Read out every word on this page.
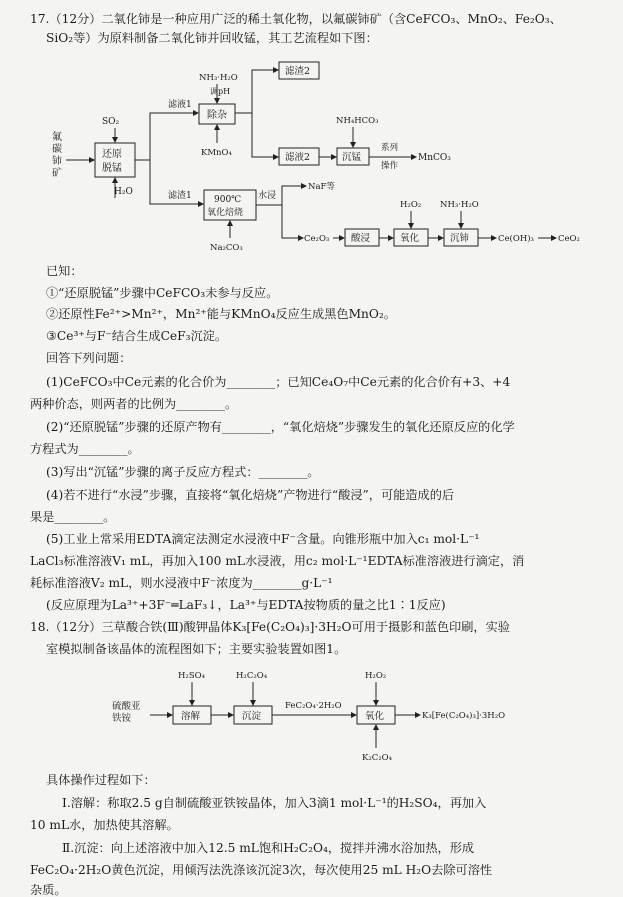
17.（12分）二氧化铈是一种应用广泛的稀土氧化物，以氟碳铈矿（含CeFCO₃、MnO₂、Fe₂O₃、
SiO₂等）为原料制备二氧化铈并回收锰，其工艺流程如下图：
氟
碳
铈
矿
还原
脱锰
SO₂
H₂O
滤液1
滤渣1
除杂
NH₃·H₂O
调pH
KMnO₄
滤渣2
滤液2	沉锰
NH₄HCO₃
系列
操作
MnCO₃
900℃
氧化焙烧
Na₂CO₃
水浸
NaF等
Ce₂O₃ 酸浸	氧化
H₂O₂
沉铈
NH₃·H₂O
Ce(OH)₃	CeO₂
已知：
①“还原脱锰”步骤中CeFCO₃未参与反应。
②还原性Fe²⁺>Mn²⁺，Mn²⁺能与KMnO₄反应生成黑色MnO₂。
③Ce³⁺与F⁻结合生成CeF₃沉淀。
回答下列问题：
(1)CeFCO₃中Ce元素的化合价为________；已知Ce₄O₇中Ce元素的化合价有+3、+4
两种价态，则两者的比例为________。
(2)“还原脱锰”步骤的还原产物有________，“氧化焙烧”步骤发生的氧化还原反应的化学
方程式为________。
(3)写出“沉锰”步骤的离子反应方程式：________。
(4)若不进行“水浸”步骤，直接将“氧化焙烧”产物进行“酸浸”，可能造成的后
果是________。
(5)工业上常采用EDTA滴定法测定水浸液中F⁻含量。向锥形瓶中加入c₁ mol·L⁻¹
LaCl₃标准溶液V₁ mL，再加入100 mL水浸液，用c₂ mol·L⁻¹EDTA标准溶液进行滴定，消
耗标准溶液V₂ mL，则水浸液中F⁻浓度为________g·L⁻¹
(反应原理为La³⁺+3F⁻═LaF₃↓，La³⁺与EDTA按物质的量之比1∶1反应)
18.（12分）三草酸合铁(Ⅲ)酸钾晶体K₃[Fe(C₂O₄)₃]·3H₂O可用于摄影和蓝色印刷，实验
室模拟制备该晶体的流程图如下；主要实验装置如图1。
硫酸亚
铁铵	溶解
H₂SO₄
沉淀
H₂C₂O₄
FeC₂O₄·2H₂O
氧化
H₂O₂
K₂C₂O₄
K₃[Fe(C₂O₄)₃]·3H₂O
具体操作过程如下：
Ⅰ.溶解：称取2.5 g自制硫酸亚铁铵晶体，加入3滴1 mol·L⁻¹的H₂SO₄，再加入
10 mL水，加热使其溶解。
Ⅱ.沉淀：向上述溶液中加入12.5 mL饱和H₂C₂O₄，搅拌并沸水浴加热，形成
FeC₂O₄·2H₂O黄色沉淀，用倾泻法洗涤该沉淀3次，每次使用25 mL H₂O去除可溶性
杂质。
